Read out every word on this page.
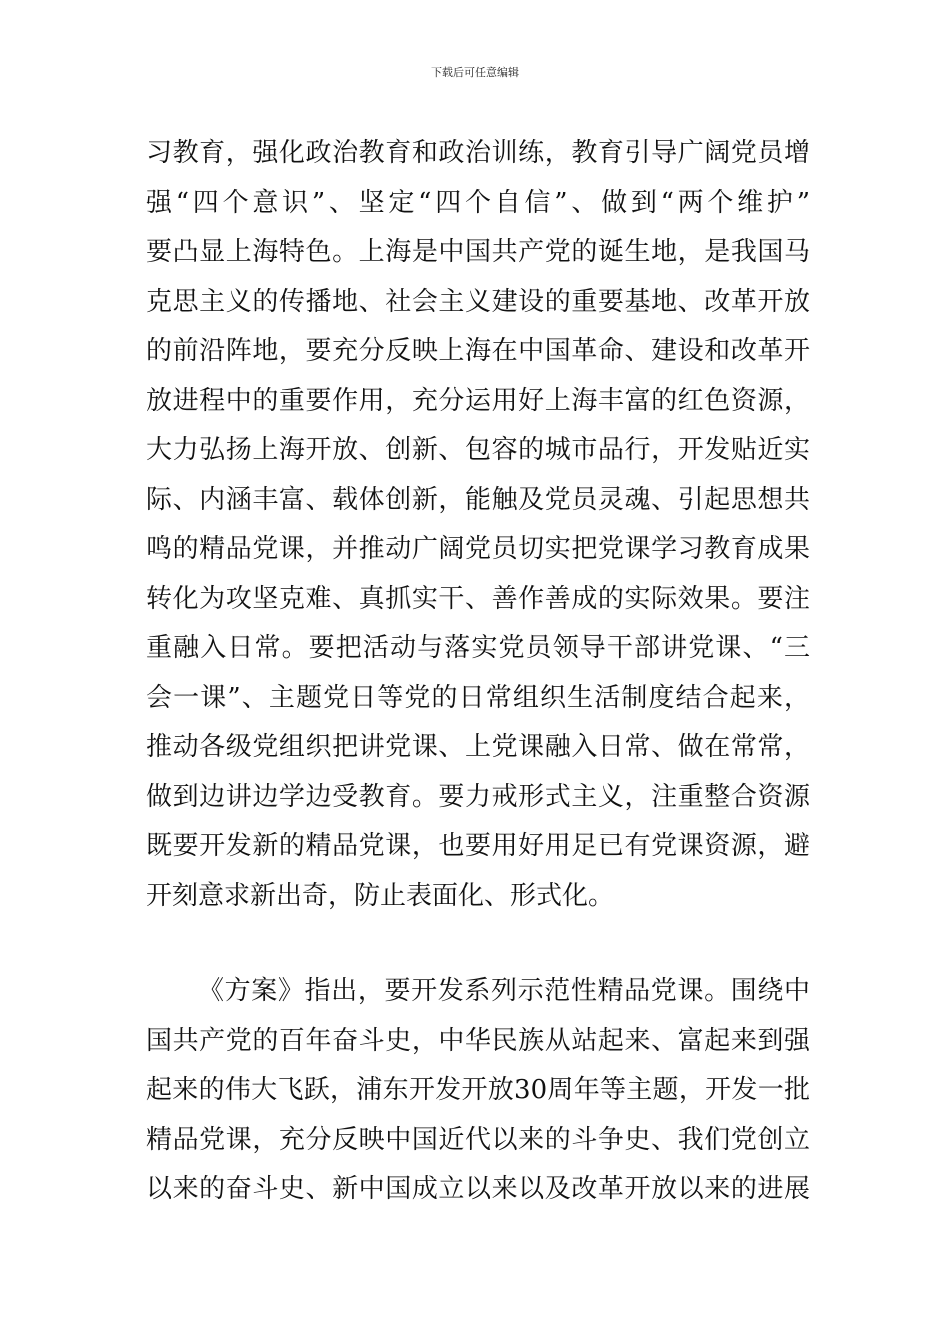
下载后可任意编辑
习教育，强化政治教育和政治训练，教育引导广阔党员增
强“四个意识”、坚定“四个自信”、做到“两个维护”
要凸显上海特色。上海是中国共产党的诞生地，是我国马
克思主义的传播地、社会主义建设的重要基地、改革开放
的前沿阵地，要充分反映上海在中国革命、建设和改革开
放进程中的重要作用，充分运用好上海丰富的红色资源，
大力弘扬上海开放、创新、包容的城市品行，开发贴近实
际、内涵丰富、载体创新，能触及党员灵魂、引起思想共
鸣的精品党课，并推动广阔党员切实把党课学习教育成果
转化为攻坚克难、真抓实干、善作善成的实际效果。要注
重融入日常。要把活动与落实党员领导干部讲党课、“三
会一课”、主题党日等党的日常组织生活制度结合起来，
推动各级党组织把讲党课、上党课融入日常、做在常常，
做到边讲边学边受教育。要力戒形式主义，注重整合资源
既要开发新的精品党课，也要用好用足已有党课资源，避
开刻意求新出奇，防止表面化、形式化。
《方案》指出，要开发系列示范性精品党课。围绕中
国共产党的百年奋斗史，中华民族从站起来、富起来到强
起来的伟大飞跃，浦东开发开放30周年等主题，开发一批
精品党课，充分反映中国近代以来的斗争史、我们党创立
以来的奋斗史、新中国成立以来以及改革开放以来的进展
